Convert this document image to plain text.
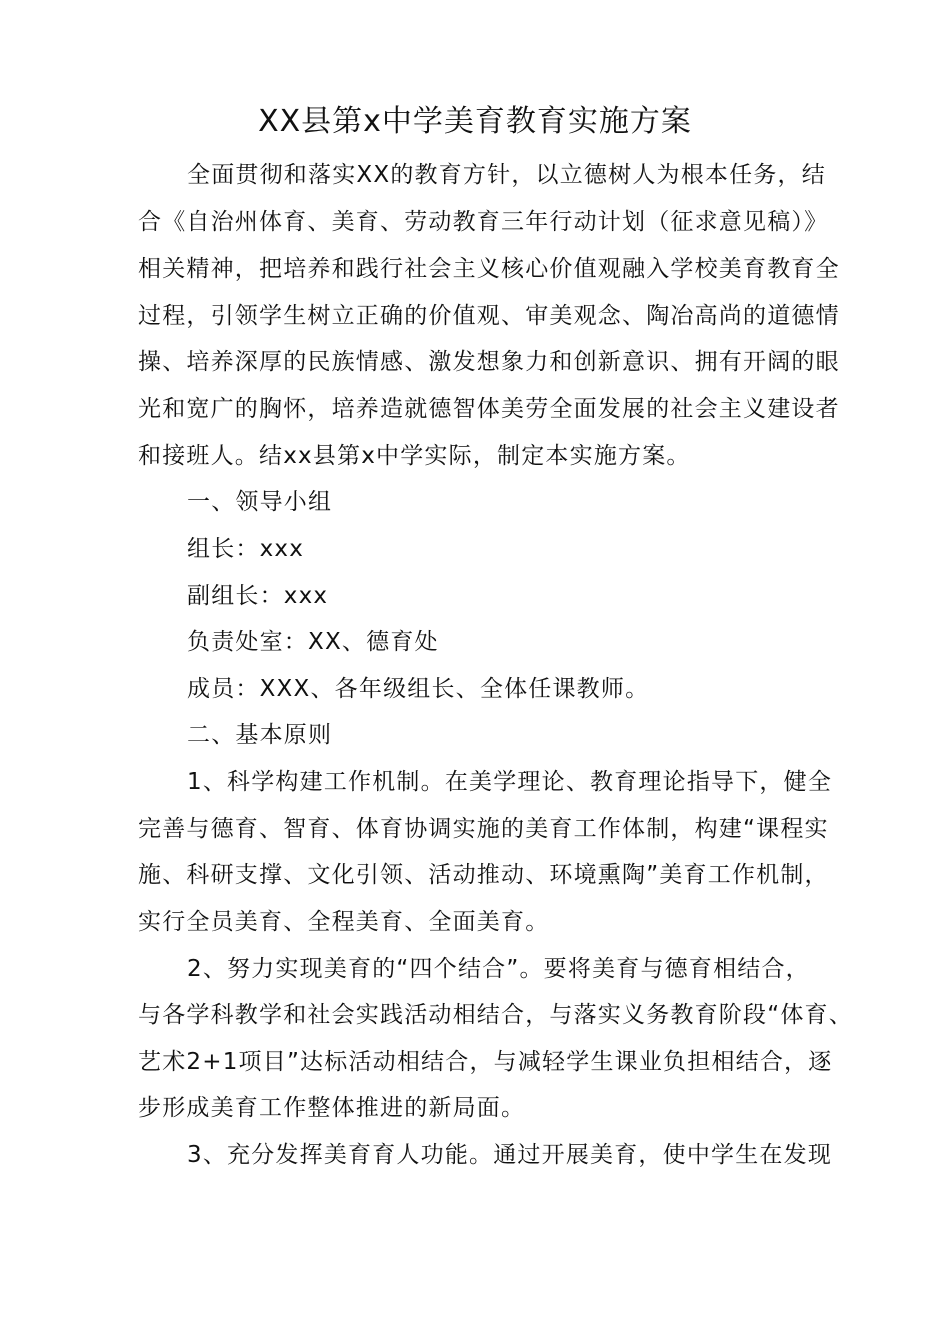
XX县第x中学美育教育实施方案
全面贯彻和落实XX的教育方针，以立德树人为根本任务，结
合《自治州体育、美育、劳动教育三年行动计划（征求意见稿）》
相关精神，把培养和践行社会主义核心价值观融入学校美育教育全
过程，引领学生树立正确的价值观、审美观念、陶冶高尚的道德情
操、培养深厚的民族情感、激发想象力和创新意识、拥有开阔的眼
光和宽广的胸怀，培养造就德智体美劳全面发展的社会主义建设者
和接班人。结xx县第x中学实际，制定本实施方案。
一、领导小组
组长：xxx
副组长：xxx
负责处室：XX、德育处
成员：XXX、各年级组长、全体任课教师。
二、基本原则
1、科学构建工作机制。在美学理论、教育理论指导下，健全
完善与德育、智育、体育协调实施的美育工作体制，构建“课程实
施、科研支撑、文化引领、活动推动、环境熏陶”美育工作机制，
实行全员美育、全程美育、全面美育。
2、努力实现美育的“四个结合”。要将美育与德育相结合，
与各学科教学和社会实践活动相结合，与落实义务教育阶段“体育、
艺术2+1项目”达标活动相结合，与减轻学生课业负担相结合，逐
步形成美育工作整体推进的新局面。
3、充分发挥美育育人功能。通过开展美育，使中学生在发现
